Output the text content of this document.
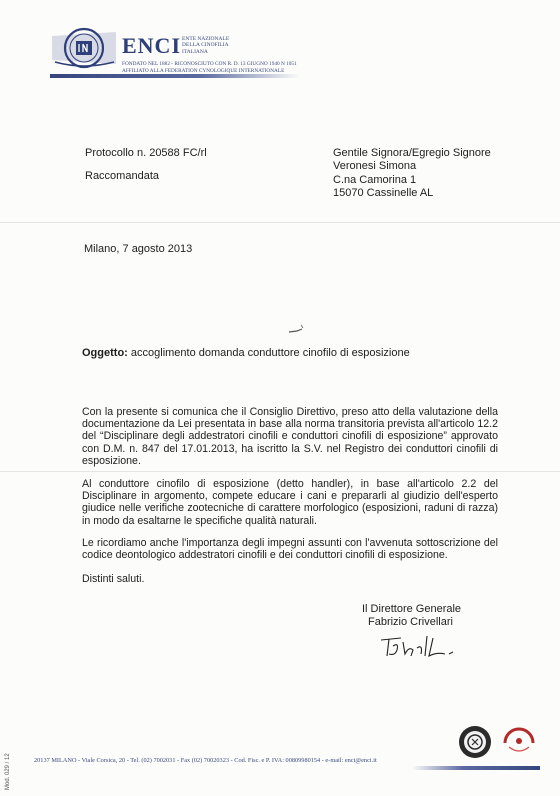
ENCI ENTE NAZIONALE
DELLA CINOFILIA
ITALIANA
FONDATO NEL 1882 - RICONOSCIUTO CON R. D. 13 GIUGNO 1940 N 1051
AFFILIATO ALLA FEDERATION CYNOLOGIQUE INTERNATIONALE
Protocollo n. 20588 FC/rl
Raccomandata
Gentile Signora/Egregio Signore
Veronesi Simona
C.na Camorina 1
15070 Cassinelle AL
Milano, 7 agosto 2013
Oggetto: accoglimento domanda conduttore cinofilo di esposizione
Con la presente si comunica che il Consiglio Direttivo, preso atto della valutazione della documentazione da Lei presentata in base alla norma transitoria prevista all'articolo 12.2 del “Disciplinare degli addestratori cinofili e conduttori cinofili di esposizione” approvato con D.M. n. 847 del 17.01.2013, ha iscritto la S.V. nel Registro dei conduttori cinofili di esposizione.
Al conduttore cinofilo di esposizione (detto handler), in base all'articolo 2.2 del Disciplinare in argomento, compete educare i cani e prepararli al giudizio dell'esperto giudice nelle verifiche zootecniche di carattere morfologico (esposizioni, raduni di razza) in modo da esaltarne le specifiche qualità naturali.
Le ricordiamo anche l'importanza degli impegni assunti con l'avvenuta sottoscrizione del codice deontologico addestratori cinofili e dei conduttori cinofili di esposizione.
Distinti saluti.
Il Direttore Generale
Fabrizio Crivellari
Mod. 029 / 12	20137 MILANO - Viale Corsica, 20 - Tel. (02) 7002031 - Fax (02) 70020323 - Cod. Fisc. e P. IVA: 00809980154 - e-mail: enci@enci.it
